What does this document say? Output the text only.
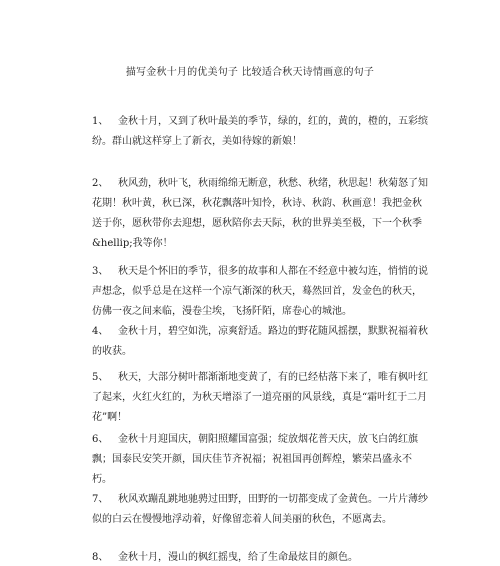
描写金秋十月的优美句子 比较适合秋天诗情画意的句子
1、 金秋十月，又到了秋叶最美的季节，绿的，红的，黄的，橙的，五彩缤纷。群山就这样穿上了新衣，美如待嫁的新娘！
2、 秋风劲，秋叶飞，秋雨绵绵无断意，秋愁、秋绪，秋思起！秋菊怒了知花期！秋叶黄，秋已深，秋花飘落叶知怜，秋诗、秋韵、秋画意！我把金秋送于你，愿秋带你去迎想，愿秋陪你去天际，秋的世界美至极，下一个秋季&hellip;我等你！
3、 秋天是个怀旧的季节，很多的故事和人都在不经意中被勾连，悄悄的说声想念，似乎总是在这样一个凉气渐深的秋天，蓦然回首，发金色的秋天，仿佛一夜之间来临，漫卷尘埃，飞扬阡陌，席卷心的城池。
4、 金秋十月，碧空如洗，凉爽舒适。路边的野花随风摇摆，默默祝福着秋的收获。
5、 秋天，大部分树叶都渐渐地变黄了，有的已经枯落下来了，唯有枫叶红了起来，火红火红的，为秋天增添了一道亮丽的风景线，真是“霜叶红于二月花”啊！
6、 金秋十月迎国庆，朝阳照耀国富强；绽放烟花普天庆，放飞白鸽红旗飘；国泰民安笑开颜，国庆佳节齐祝福；祝祖国再创辉煌，繁荣昌盛永不朽。
7、 秋风欢蹦乱跳地驰骋过田野，田野的一切都变成了金黄色。一片片薄纱似的白云在慢慢地浮动着，好像留恋着人间美丽的秋色，不愿离去。
8、 金秋十月，漫山的枫红摇曳，给了生命最炫目的颜色。
